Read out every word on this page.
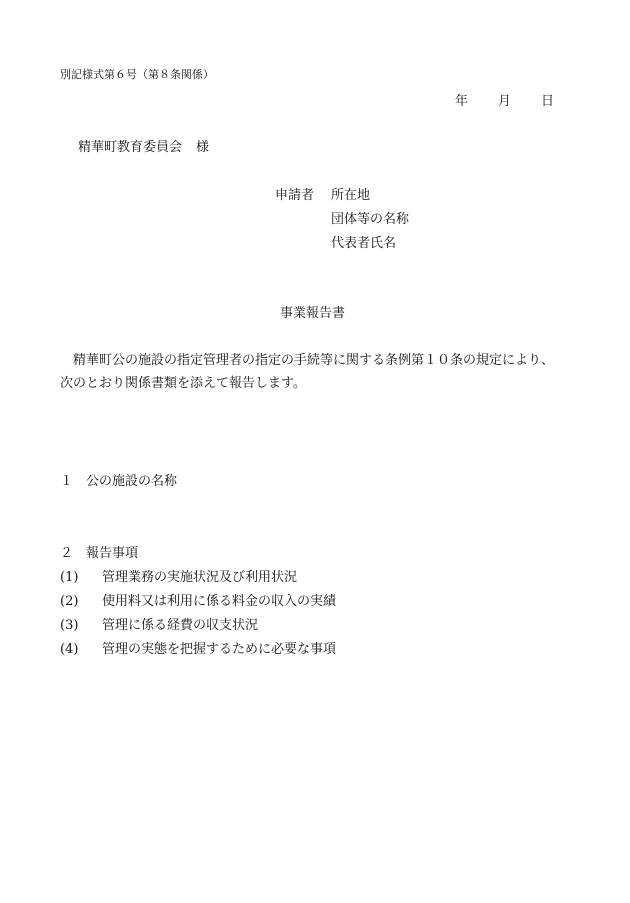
別記様式第６号（第８条関係）
年 月 日
精華町教育委員会 様
申請者 所在地
団体等の名称
代表者氏名
事業報告書
精華町公の施設の指定管理者の指定の手続等に関する条例第１０条の規定により、次のとおり関係書類を添えて報告します。
１　公の施設の名称
２　報告事項
(1) 管理業務の実施状況及び利用状況
(2) 使用料又は利用に係る料金の収入の実績
(3) 管理に係る経費の収支状況
(4) 管理の実態を把握するために必要な事項
